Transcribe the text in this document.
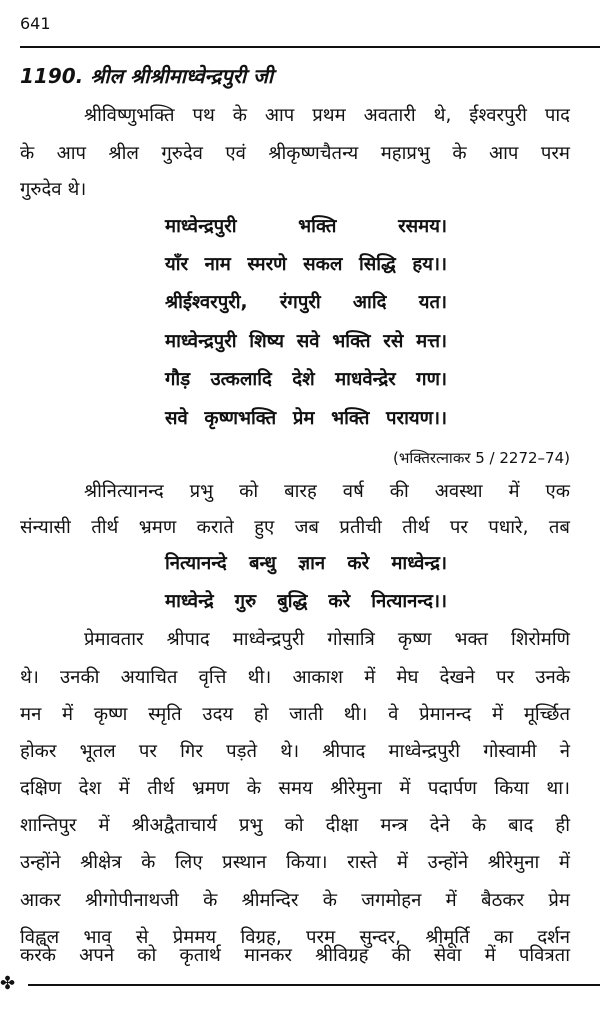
641
1190. श्रील श्रीश्रीमाध्वेन्द्रपुरी जी
श्रीविष्णुभक्ति पथ के आप प्रथम अवतारी थे, ईश्वरपुरी पाद
के आप श्रील गुरुदेव एवं श्रीकृष्णचैतन्य महाप्रभु के आप परम
गुरुदेव थे।
माध्वेन्द्रपुरी भक्ति रसमय।
याँर नाम स्मरणे सकल सिद्धि हय।।
श्रीईश्वरपुरी, रंगपुरी आदि यत।
माध्वेन्द्रपुरी शिष्य सवे भक्ति रसे मत्त।
गौड़ उत्कलादि देशे माधवेन्द्रेर गण।
सवे कृष्णभक्ति प्रेम भक्ति परायण।।
(भक्तिरत्नाकर 5 / 2272–74)
श्रीनित्यानन्द प्रभु को बारह वर्ष की अवस्था में एक
संन्यासी तीर्थ भ्रमण कराते हुए जब प्रतीची तीर्थ पर पधारे, तब
नित्यानन्दे बन्धु ज्ञान करे माध्वेन्द्र।
माध्वेन्द्रे गुरु बुद्धि करे नित्यानन्द।।
प्रेमावतार श्रीपाद माध्वेन्द्रपुरी गोसात्रि कृष्ण भक्त शिरोमणि
थे। उनकी अयाचित वृत्ति थी। आकाश में मेघ देखने पर उनके
मन में कृष्ण स्मृति उदय हो जाती थी। वे प्रेमानन्द में मूर्च्छित
होकर भूतल पर गिर पड़ते थे। श्रीपाद माध्वेन्द्रपुरी गोस्वामी ने
दक्षिण देश में तीर्थ भ्रमण के समय श्रीरेमुना में पदार्पण किया था।
शान्तिपुर में श्रीअद्वैताचार्य प्रभु को दीक्षा मन्त्र देने के बाद ही
उन्होंने श्रीक्षेत्र के लिए प्रस्थान किया। रास्ते में उन्होंने श्रीरेमुना में
आकर श्रीगोपीनाथजी के श्रीमन्दिर के जगमोहन में बैठकर प्रेम
विह्वल भाव से प्रेममय विग्रह, परम सुन्दर, श्रीमूर्ति का दर्शन
करके अपने को कृतार्थ मानकर श्रीविग्रह की सेवा में पवित्रता
✤
